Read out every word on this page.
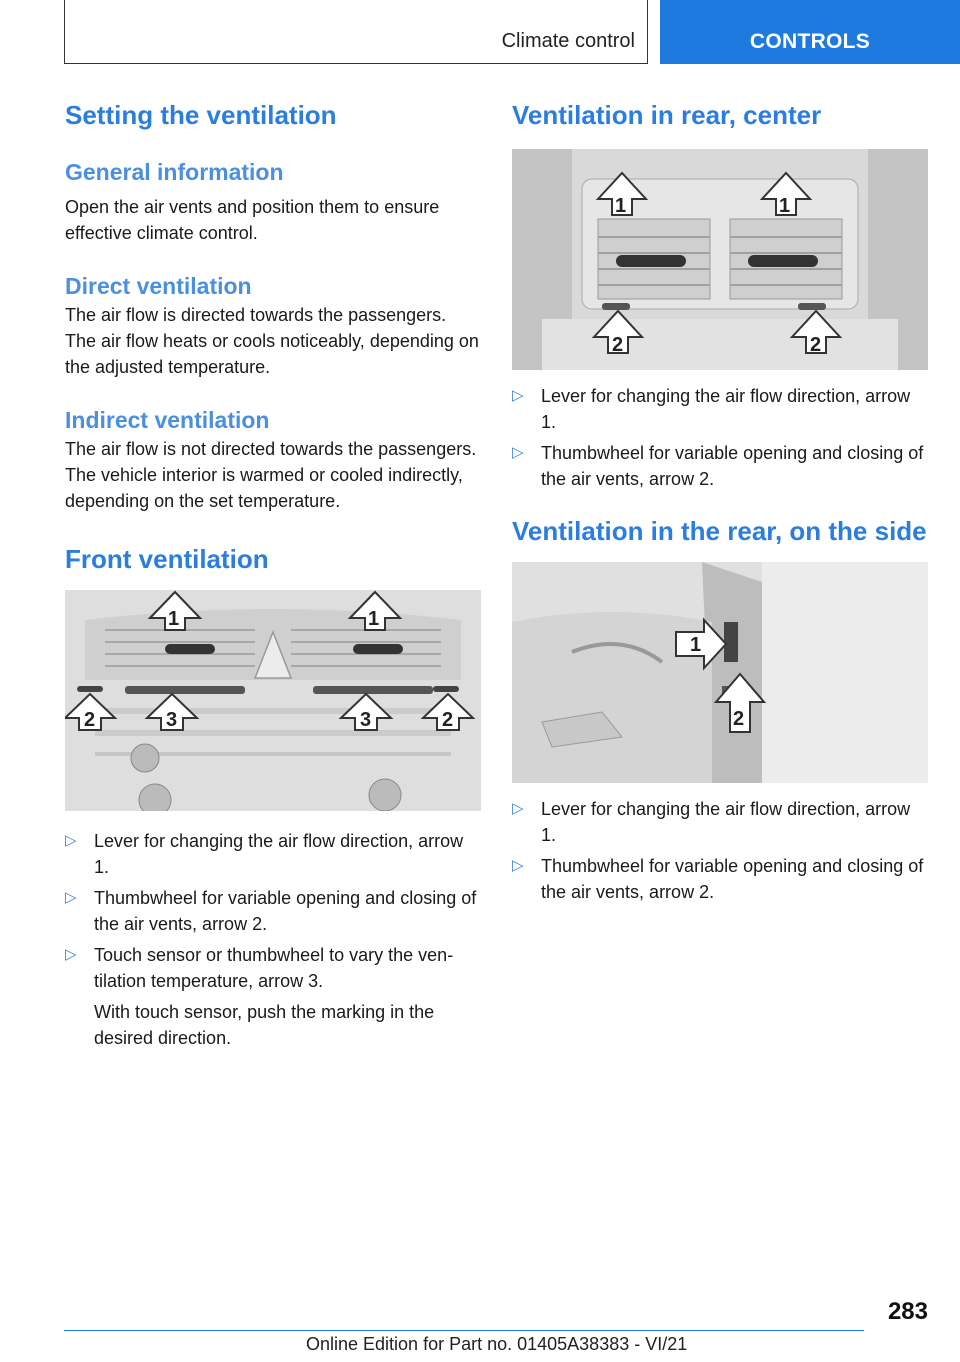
Climate control	CONTROLS
Setting the ventilation
General information

Open the air vents and position them to ensure effective climate control.

Direct ventilation

The air flow is directed towards the passengers. The air flow heats or cools noticeably, depending on the adjusted temperature.

Indirect ventilation

The air flow is not directed towards the passengers. The vehicle interior is warmed or cooled indirectly, depending on the set temperature.

Front ventilation
1	1
2	3	3	2
▷ Lever for changing the air flow direction, arrow 1.
▷ Thumbwheel for variable opening and closing of the air vents, arrow 2.
▷ Touch sensor or thumbwheel to vary the ventilation temperature, arrow 3.

With touch sensor, push the marking in the desired direction.

Ventilation in rear, center
1	1
2	2
▷ Lever for changing the air flow direction, arrow 1.
▷ Thumbwheel for variable opening and closing of the air vents, arrow 2.
Ventilation in the rear, on the side
1
2
▷ Lever for changing the air flow direction, arrow 1.
▷ Thumbwheel for variable opening and closing of the air vents, arrow 2.
283
Online Edition for Part no. 01405A38383 - VI/21
